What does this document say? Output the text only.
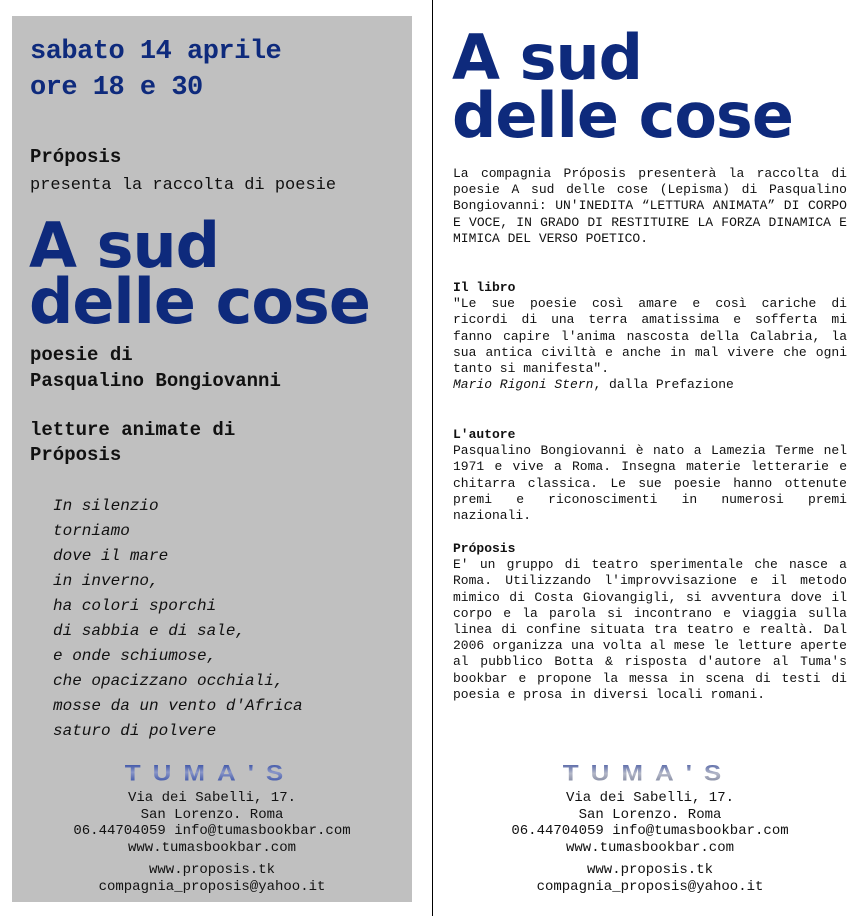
sabato 14 aprile
ore 18 e 30
Próposis
presenta la raccolta di poesie
A sud
delle cose
poesie di
Pasqualino Bongiovanni
letture animate di
Próposis
In silenzio
torniamo
dove il mare
in inverno,
ha colori sporchi
di sabbia e di sale,
e onde schiumose,
che opacizzano occhiali,
mosse da un vento d'Africa
saturo di polvere
TUMA'S
Via dei Sabelli, 17.
San Lorenzo. Roma
06.44704059 info@tumasbookbar.com
www.tumasbookbar.com
www.proposis.tk
compagnia_proposis@yahoo.it
A sud
delle cose
La compagnia Próposis presenterà la raccolta di poesie A sud delle cose (Lepisma) di Pasqualino Bongiovanni: UN'INEDITA “LETTURA ANIMATA” DI CORPO E VOCE, IN GRADO DI RESTITUIRE LA FORZA DINAMICA E MIMICA DEL VERSO POETICO.
Il libro
"Le sue poesie così amare e così cariche di ricordi di una terra amatissima e sofferta mi fanno capire l'anima nascosta della Calabria, la sua antica civiltà e anche in mal vivere che ogni tanto si manifesta".
Mario Rigoni Stern, dalla Prefazione
L'autore
Pasqualino Bongiovanni è nato a Lamezia Terme nel 1971 e vive a Roma. Insegna materie letterarie e chitarra classica. Le sue poesie hanno ottenute premi e riconoscimenti in numerosi premi nazionali.
Próposis
E' un gruppo di teatro sperimentale che nasce a Roma. Utilizzando l'improvvisazione e il metodo mimico di Costa Giovangigli, si avventura dove il corpo e la parola si incontrano e viaggia sulla linea di confine situata tra teatro e realtà. Dal 2006 organizza una volta al mese le letture aperte al pubblico Botta & risposta d'autore al Tuma's bookbar e propone la messa in scena di testi di poesia e prosa in diversi locali romani.
TUMA'S
Via dei Sabelli, 17.
San Lorenzo. Roma
06.44704059 info@tumasbookbar.com
www.tumasbookbar.com
www.proposis.tk
compagnia_proposis@yahoo.it
